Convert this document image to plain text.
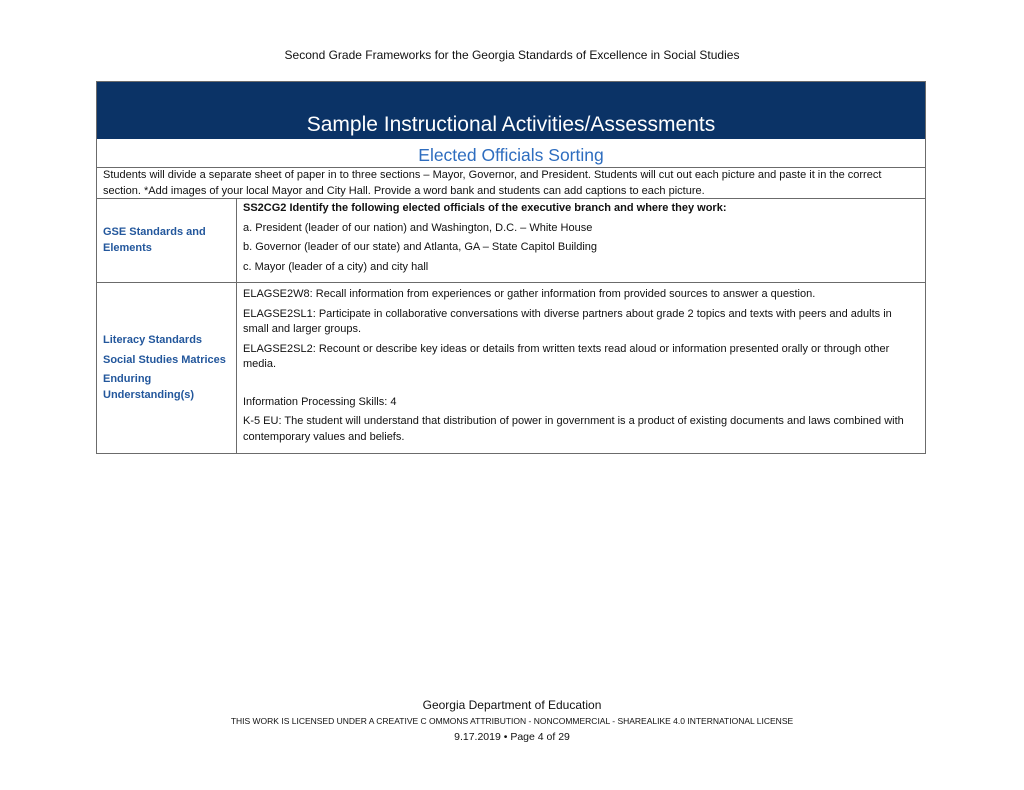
Second Grade Frameworks for the Georgia Standards of Excellence in Social Studies
Sample Instructional Activities/Assessments
Elected Officials Sorting
Students will divide a separate sheet of paper in to three sections – Mayor, Governor, and President. Students will cut out each picture and paste it in the correct section. *Add images of your local Mayor and City Hall. Provide a word bank and students can add captions to each picture.
GSE Standards and Elements

SS2CG2 Identify the following elected officials of the executive branch and where they work:

a. President (leader of our nation) and Washington, D.C. – White House

b. Governor (leader of our state) and Atlanta, GA – State Capitol Building

c. Mayor (leader of a city) and city hall

Literacy Standards
Social Studies Matrices
Enduring Understanding(s)

ELAGSE2W8: Recall information from experiences or gather information from provided sources to answer a question.

ELAGSE2SL1: Participate in collaborative conversations with diverse partners about grade 2 topics and texts with peers and adults in small and larger groups.

ELAGSE2SL2: Recount or describe key ideas or details from written texts read aloud or information presented orally or through other media.

Information Processing Skills: 4

K-5 EU: The student will understand that distribution of power in government is a product of existing documents and laws combined with contemporary values and beliefs.

Georgia Department of Education
THIS WORK IS LICENSED UNDER A CREATIVE C OMMONS ATTRIBUTION - NONCOMMERCIAL - SHAREALIKE 4.0 INTERNATIONAL LICENSE
9.17.2019 • Page 4 of 29
